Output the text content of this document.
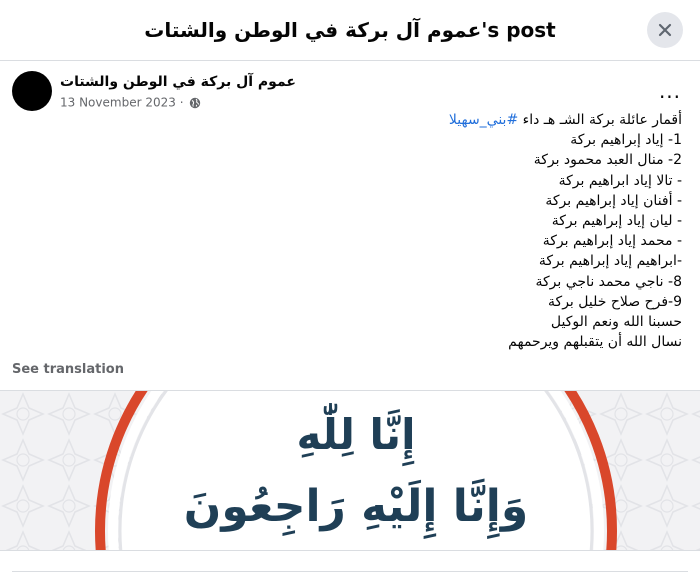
عموم آل بركة في الوطن والشتات's post
عموم آل بركة في الوطن والشتات
13 November 2023 ·	...
أقمار عائلة بركة الشـ هـ داء #بني_سهيلا
1- إياد إبراهيم بركة
2- منال العبد محمود بركة
- تالا إياد ابراهيم بركة
- أفنان إياد إبراهيم بركة
- ليان إياد إبراهيم بركة
- محمد إياد إبراهيم بركة
-ابراهيم إياد إبراهيم بركة
8- ناجي محمد ناجي بركة
9-فرح صلاح خليل بركة
حسبنا الله ونعم الوكيل
نسال الله أن يتقبلهم ويرحمهم
See translation
إِنَّا لِلّٰهِ
وَإِنَّا إِلَيْهِ رَاجِعُونَ
